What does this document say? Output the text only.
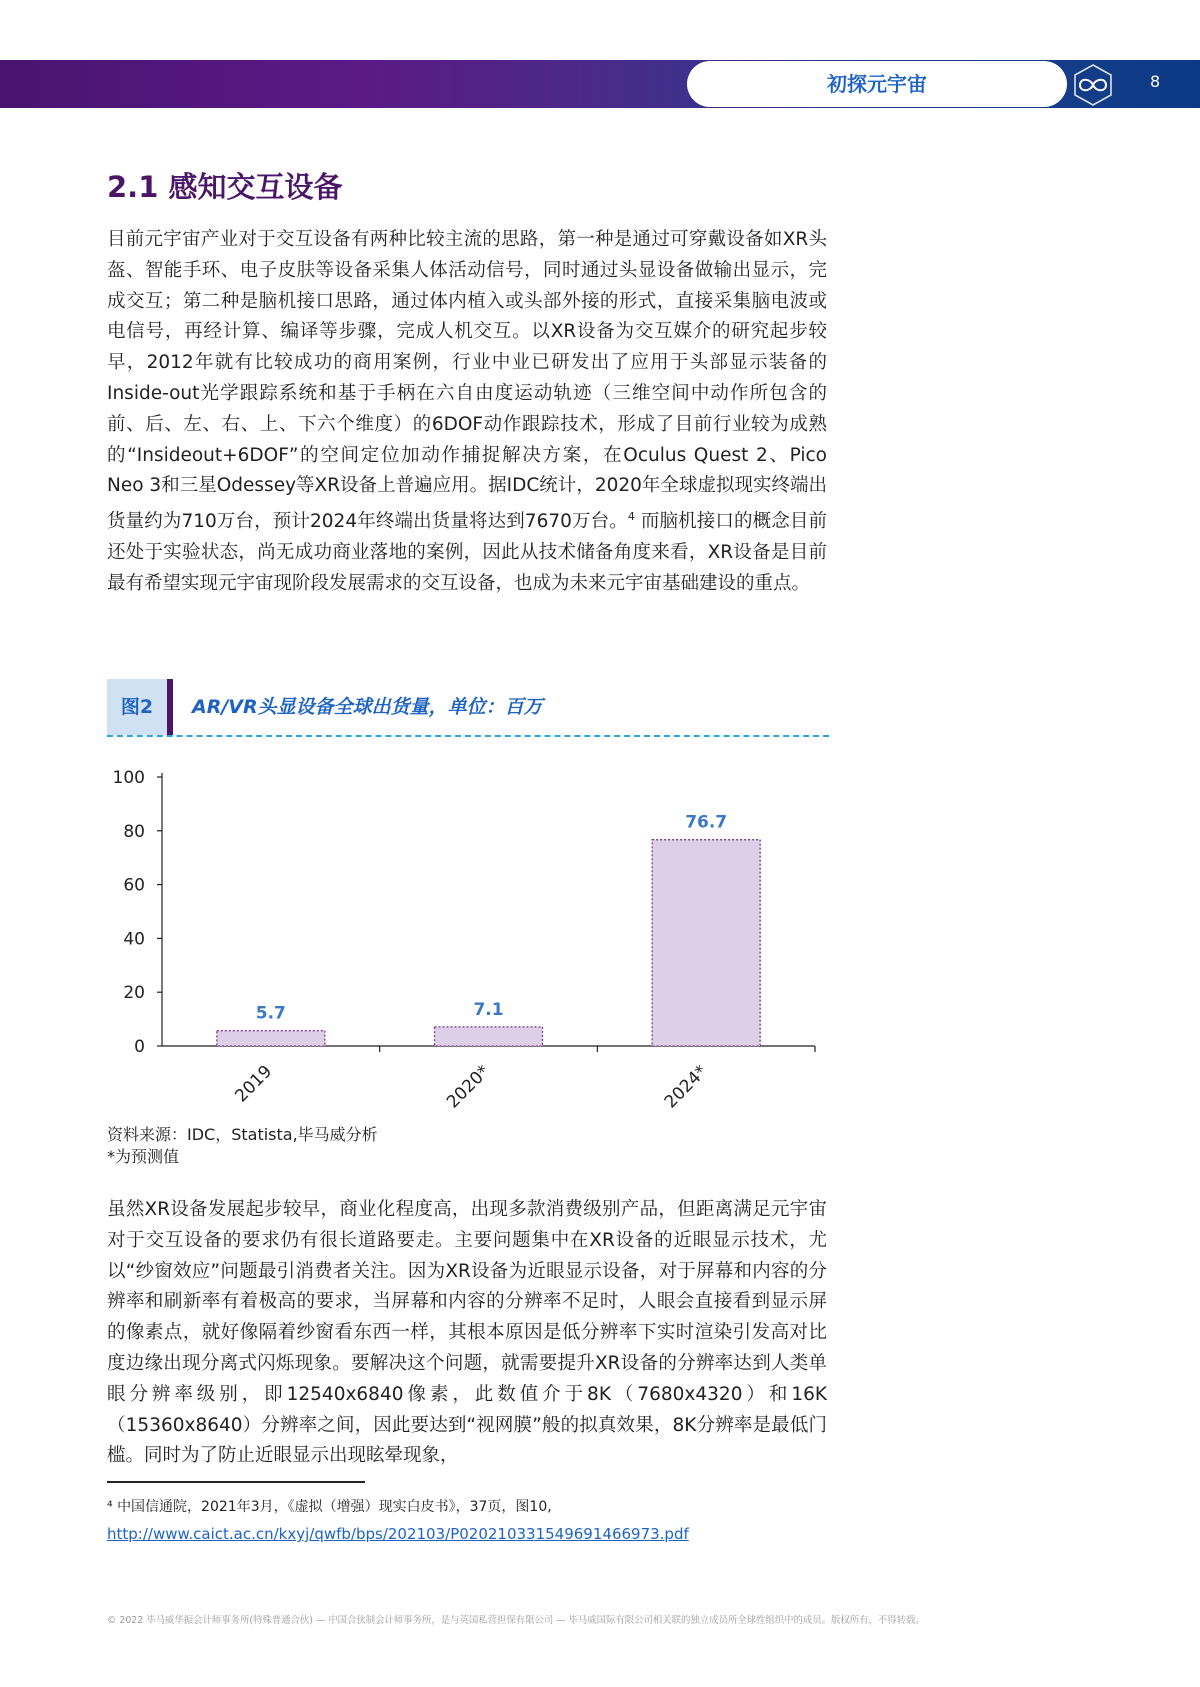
初探元宇宙	8
2.1 感知交互设备

目前元宇宙产业对于交互设备有两种比较主流的思路，第一种是通过可穿戴设备如XR头盔、智能手环、电子皮肤等设备采集人体活动信号，同时通过头显设备做输出显示，完成交互；第二种是脑机接口思路，通过体内植入或头部外接的形式，直接采集脑电波或电信号，再经计算、编译等步骤，完成人机交互。以XR设备为交互媒介的研究起步较早，2012年就有比较成功的商用案例，行业中业已研发出了应用于头部显示装备的Inside-out光学跟踪系统和基于手柄在六自由度运动轨迹（三维空间中动作所包含的前、后、左、右、上、下六个维度）的6DOF动作跟踪技术，形成了目前行业较为成熟的“Insideout+6DOF”的空间定位加动作捕捉解决方案，在Oculus Quest 2、Pico Neo 3和三星Odessey等XR设备上普遍应用。据IDC统计，2020年全球虚拟现实终端出货量约为710万台，预计2024年终端出货量将达到7670万台。$^4$ 而脑机接口的概念目前还处于实验状态，尚无成功商业落地的案例，因此从技术储备角度来看，XR设备是目前最有希望实现元宇宙现阶段发展需求的交互设备，也成为未来元宇宙基础建设的重点。

图2	AR/VR头显设备全球出货量，单位：百万
0
20
40
60
80
100
5.7
2019
7.1
2020*
76.7
2024*
资料来源：IDC，Statista,毕马威分析
*为预测值

虽然XR设备发展起步较早，商业化程度高，出现多款消费级别产品，但距离满足元宇宙对于交互设备的要求仍有很长道路要走。主要问题集中在XR设备的近眼显示技术，尤以“纱窗效应”问题最引消费者关注。因为XR设备为近眼显示设备，对于屏幕和内容的分辨率和刷新率有着极高的要求，当屏幕和内容的分辨率不足时，人眼会直接看到显示屏的像素点，就好像隔着纱窗看东西一样，其根本原因是低分辨率下实时渲染引发高对比度边缘出现分离式闪烁现象。要解决这个问题，就需要提升XR设备的分辨率达到人类单眼分辨率级别，即12540x6840像素，此数值介于8K（7680x4320）和16K（15360x8640）分辨率之间，因此要达到“视网膜”般的拟真效果，8K分辨率是最低门槛。同时为了防止近眼显示出现眩晕现象，

⁴ 中国信通院，2021年3月，《虚拟（增强）现实白皮书》，37页，图10,
http://www.caict.ac.cn/kxyj/qwfb/bps/202103/P020210331549691466973.pdf
© 2022 毕马威华振会计师事务所(特殊普通合伙) — 中国合伙制会计师事务所，是与英国私营担保有限公司 — 毕马威国际有限公司相关联的独立成员所全球性组织中的成员。版权所有，不得转载。
